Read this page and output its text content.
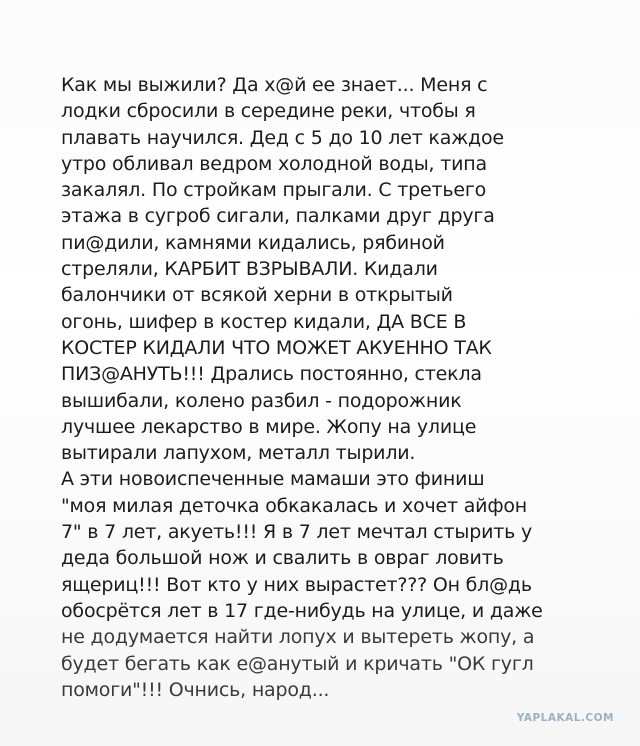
Как мы выжили? Да х@й ее знает... Меня с
лодки сбросили в середине реки, чтобы я
плавать научился. Дед с 5 до 10 лет каждое
утро обливал ведром холодной воды, типа
закалял. По стройкам прыгали. С третьего
этажа в сугроб сигали, палками друг друга
пи@дили, камнями кидались, рябиной
стреляли, КАРБИТ ВЗРЫВАЛИ. Кидали
балончики от всякой херни в открытый
огонь, шифер в костер кидали, ДА ВСЕ В
КОСТЕР КИДАЛИ ЧТО МОЖЕТ АКУЕННО ТАК
ПИЗ@АНУТЬ!!! Дрались постоянно, стекла
вышибали, колено разбил - подорожник
лучшее лекарство в мире. Жопу на улице
вытирали лапухом, металл тырили.
А эти новоиспеченные мамаши это финиш
"моя милая деточка обкакалась и хочет айфон
7" в 7 лет, акуеть!!! Я в 7 лет мечтал стырить у
деда большой нож и свалить в овраг ловить
ящериц!!! Вот кто у них вырастет??? Он бл@дь
обосрётся лет в 17 где-нибудь на улице, и даже
не додумается найти лопух и вытереть жопу, а
будет бегать как е@анутый и кричать "ОК гугл
помоги"!!! Очнись, народ...
YAPLAKAL.COM
